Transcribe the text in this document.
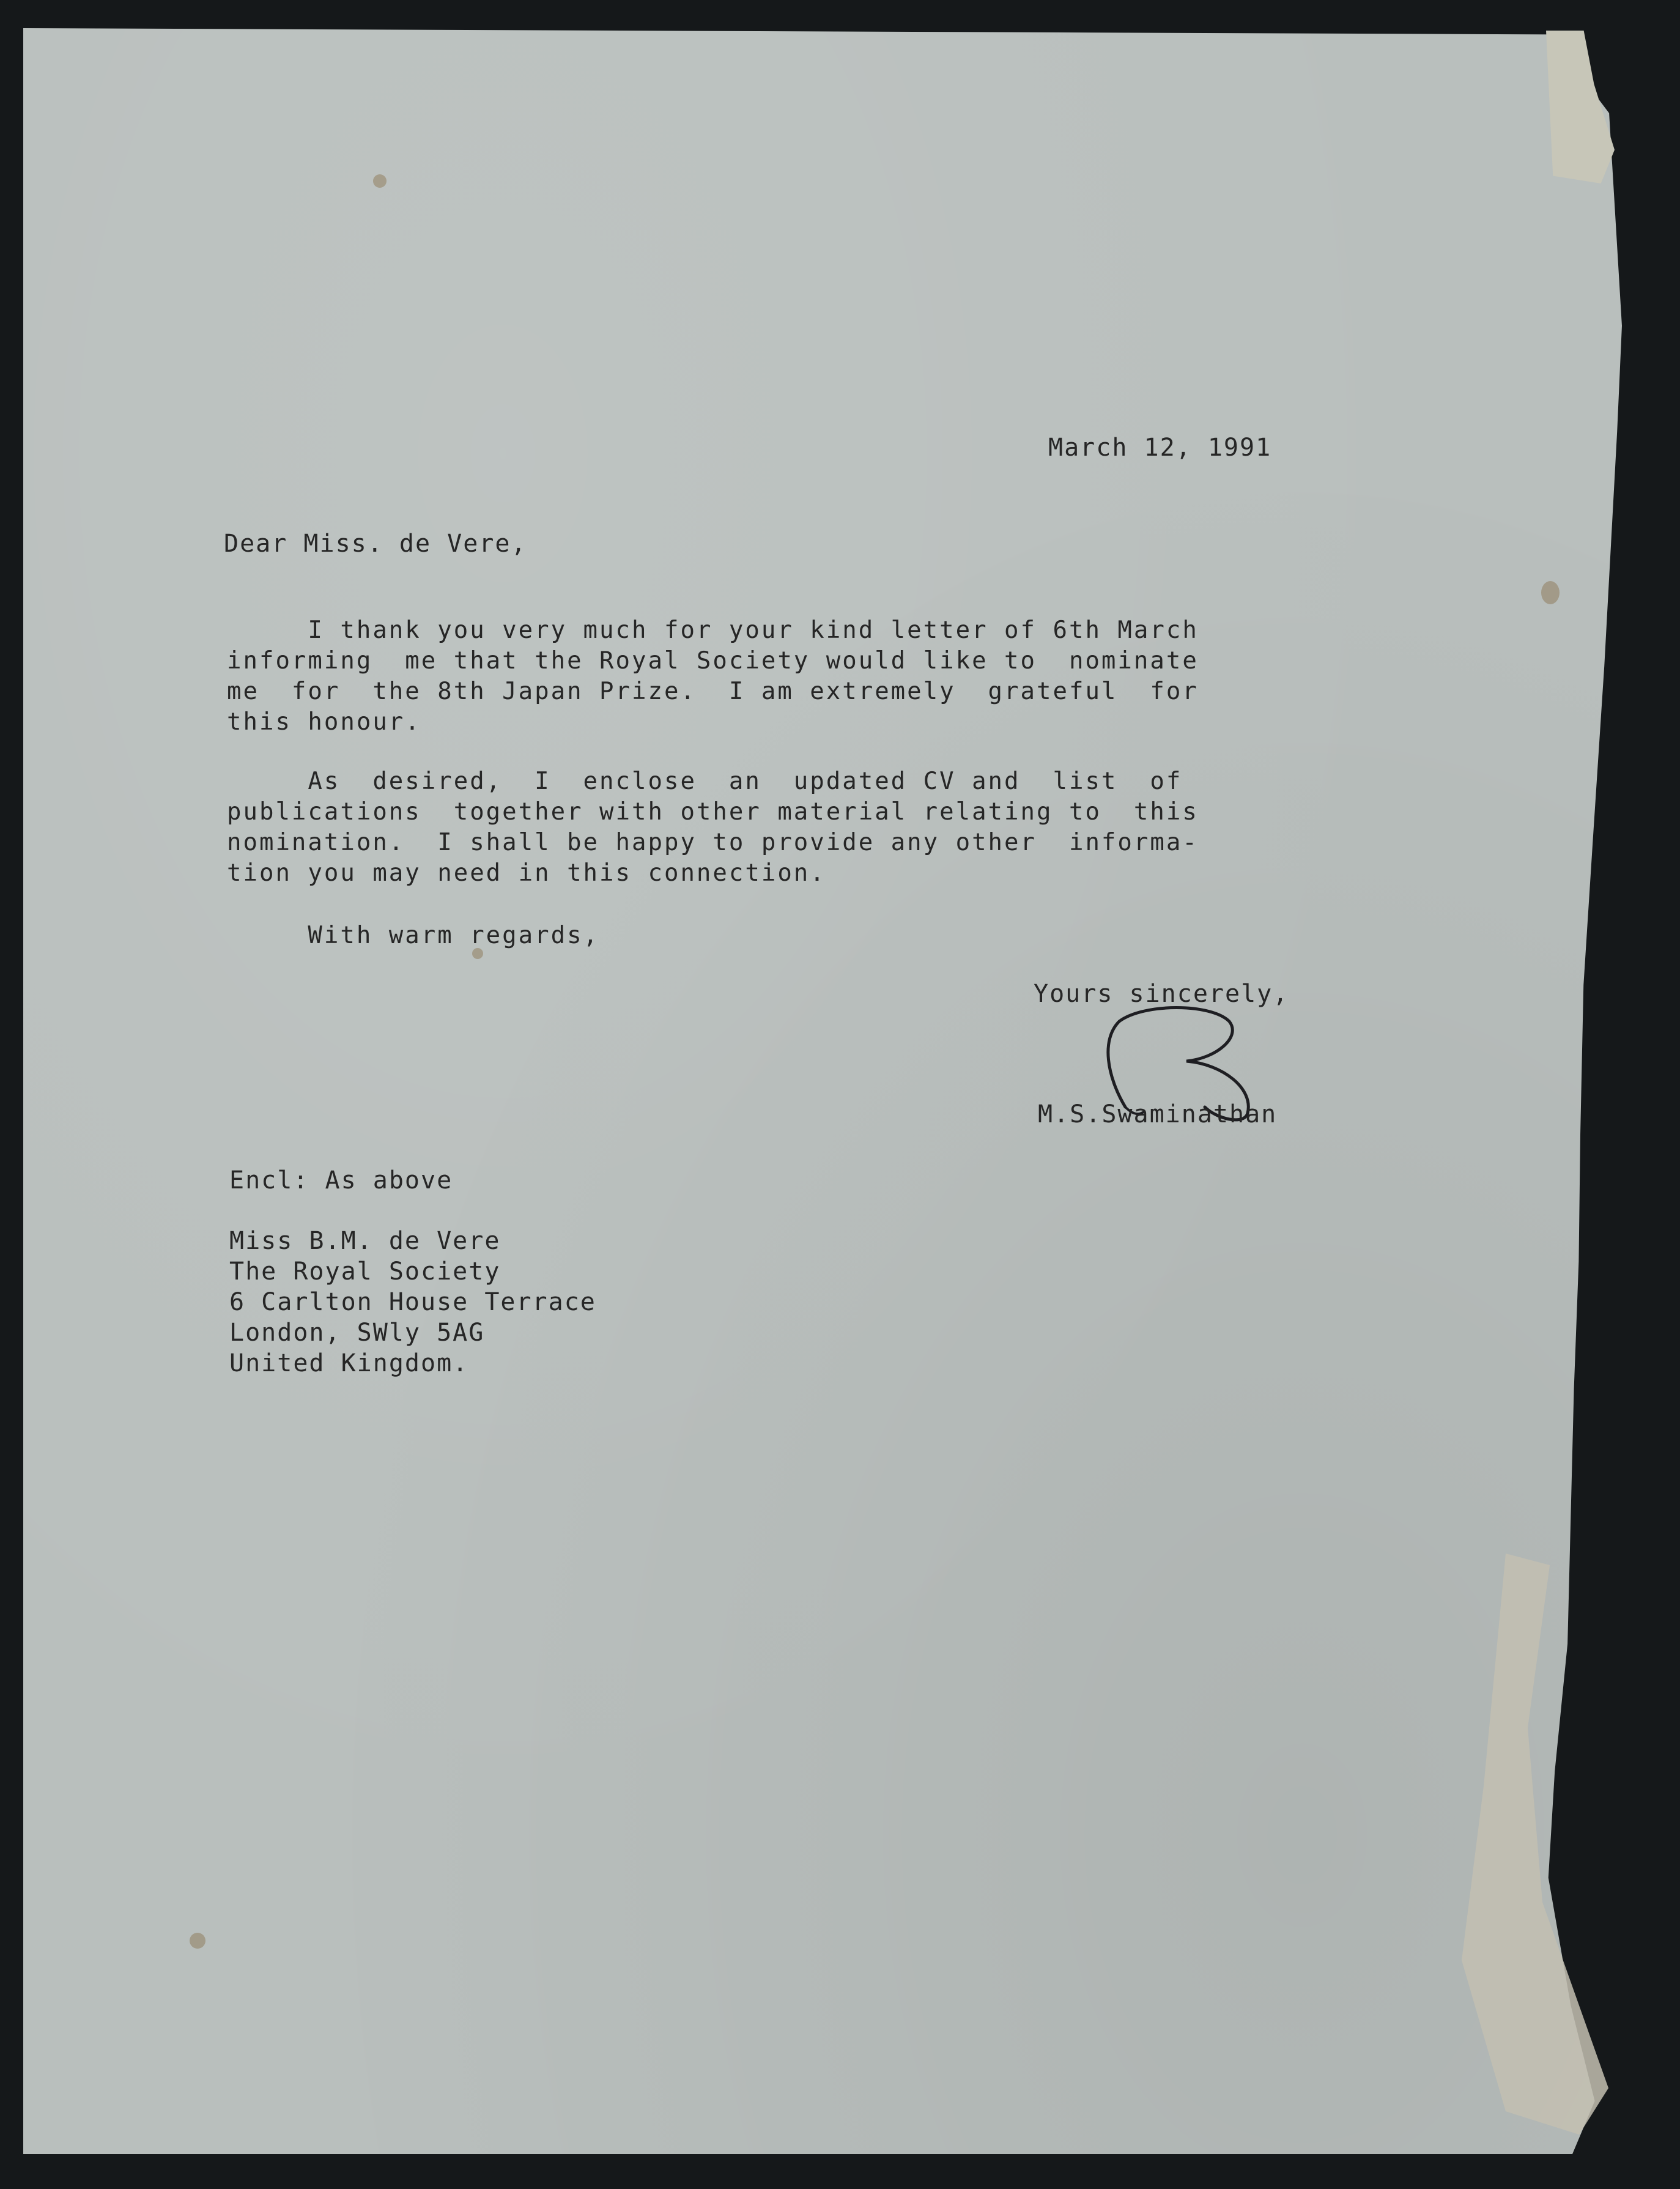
March 12, 1991
Dear Miss. de Vere,
I thank you very much for your kind letter of 6th March
informing  me that the Royal Society would like to  nominate
me  for  the 8th Japan Prize.  I am extremely  grateful  for
this honour.
As  desired,  I  enclose  an  updated CV and  list  of
publications  together with other material relating to  this
nomination.  I shall be happy to provide any other  informa-
tion you may need in this connection.
With warm regards,
Yours sincerely,
M.S.Swaminathan
Encl: As above
Miss B.M. de Vere
The Royal Society
6 Carlton House Terrace
London, SWly 5AG
United Kingdom.
